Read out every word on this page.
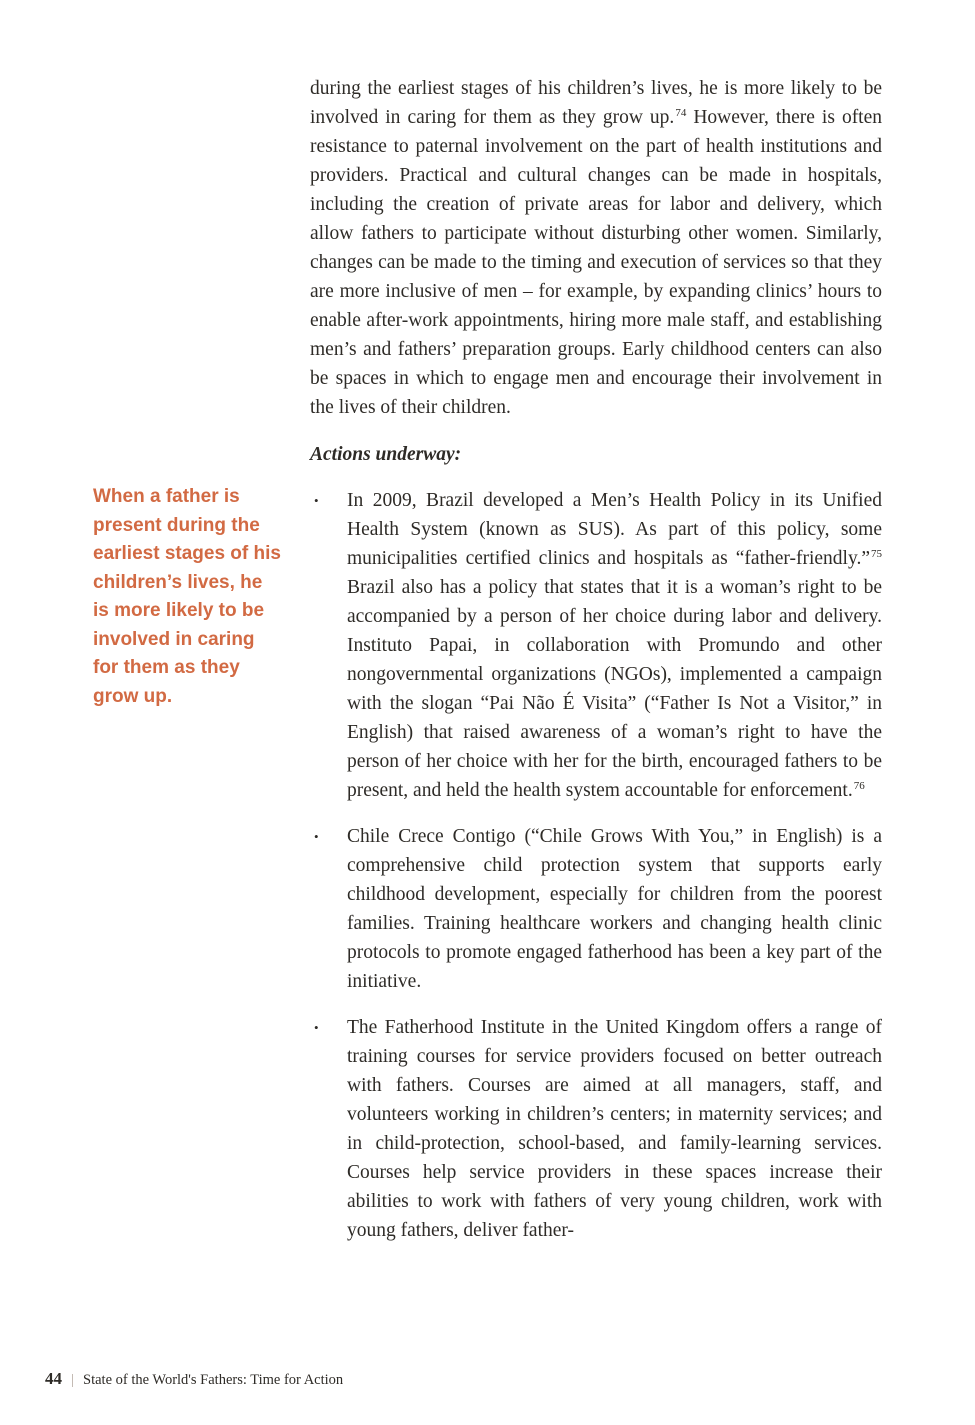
When a father is present during the earliest stages of his children’s lives, he is more likely to be involved in caring for them as they grow up.

during the earliest stages of his children’s lives, he is more likely to be involved in caring for them as they grow up.$^{74}$ However, there is often resistance to paternal involvement on the part of health institutions and providers. Practical and cultural changes can be made in hospitals, including the creation of private areas for labor and delivery, which allow fathers to participate without disturbing other women. Similarly, changes can be made to the timing and execution of services so that they are more inclusive of men – for example, by expanding clinics’ hours to enable after-work appointments, hiring more male staff, and establishing men’s and fathers’ preparation groups. Early childhood centers can also be spaces in which to engage men and encourage their involvement in the lives of their children.

Actions underway:
•	In 2009, Brazil developed a Men’s Health Policy in its Unified Health System (known as SUS). As part of this policy, some municipalities certified clinics and hospitals as “father-friendly.”$^{75}$ Brazil also has a policy that states that it is a woman’s right to be accompanied by a person of her choice during labor and delivery. Instituto Papai, in collaboration with Promundo and other nongovernmental organizations (NGOs), implemented a campaign with the slogan “Pai Não É Visita” (“Father Is Not a Visitor,” in English) that raised awareness of a woman’s right to have the person of her choice with her for the birth, encouraged fathers to be present, and held the health system accountable for enforcement.$^{76}$

•	Chile Crece Contigo (“Chile Grows With You,” in English) is a comprehensive child protection system that supports early childhood development, especially for children from the poorest families. Training healthcare workers and changing health clinic protocols to promote engaged fatherhood has been a key part of the initiative.

•	The Fatherhood Institute in the United Kingdom offers a range of training courses for service providers focused on better outreach with fathers. Courses are aimed at all managers, staff, and volunteers working in children’s centers; in maternity services; and in child-protection, school-based, and family-learning services. Courses help service providers in these spaces increase their abilities to work with fathers of very young children, work with young fathers, deliver father-

44 | State of the World's Fathers: Time for Action
